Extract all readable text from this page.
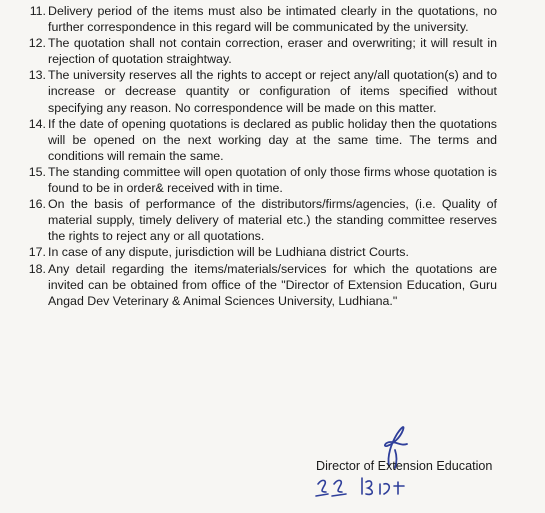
11. Delivery period of the items must also be intimated clearly in the quotations, no further correspondence in this regard will be communicated by the university.
12. The quotation shall not contain correction, eraser and overwriting; it will result in rejection of quotation straightway.
13. The university reserves all the rights to accept or reject any/all quotation(s) and to increase or decrease quantity or configuration of items specified without specifying any reason. No correspondence will be made on this matter.
14. If the date of opening quotations is declared as public holiday then the quotations will be opened on the next working day at the same time. The terms and conditions will remain the same.
15. The standing committee will open quotation of only those firms whose quotation is found to be in order& received with in time.
16. On the basis of performance of the distributors/firms/agencies, (i.e. Quality of material supply, timely delivery of material etc.) the standing committee reserves the rights to reject any or all quotations.
17. In case of any dispute, jurisdiction will be Ludhiana district Courts.
18. Any detail regarding the items/materials/services for which the quotations are invited can be obtained from office of the "Director of Extension Education, Guru Angad Dev Veterinary & Animal Sciences University, Ludhiana."
Director of Extension Education
